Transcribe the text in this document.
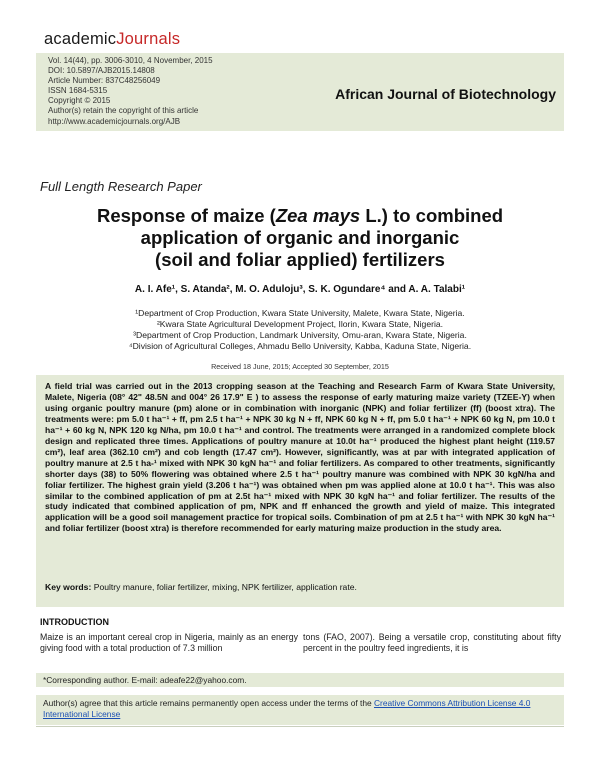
academicJournals
Vol. 14(44), pp. 3006-3010, 4 November, 2015
DOI: 10.5897/AJB2015.14808
Article Number: 837C48256049
ISSN 1684-5315
Copyright © 2015
Author(s) retain the copyright of this article
http://www.academicjournals.org/AJB
African Journal of Biotechnology
Full Length Research Paper
Response of maize (Zea mays L.) to combined
application of organic and inorganic
(soil and foliar applied) fertilizers
A. I. Afe¹, S. Atanda², M. O. Aduloju³, S. K. Ogundare⁴ and A. A. Talabi¹
¹Department of Crop Production, Kwara State University, Malete, Kwara State, Nigeria.
²Kwara State Agricultural Development Project, Ilorin, Kwara State, Nigeria.
³Department of Crop Production, Landmark University, Omu-aran, Kwara State, Nigeria.
⁴Division of Agricultural Colleges, Ahmadu Bello University, Kabba, Kaduna State, Nigeria.
Received 18 June, 2015; Accepted 30 September, 2015
A field trial was carried out in the 2013 cropping season at the Teaching and Research Farm of Kwara State University, Malete, Nigeria (08° 42" 48.5N and 004° 26 17.9" E ) to assess the response of early maturing maize variety (TZEE-Y) when using organic poultry manure (pm) alone or in combination with inorganic (NPK) and foliar fertilizer (ff) (boost xtra). The treatments were: pm 5.0 t ha⁻¹ + ff, pm 2.5 t ha⁻¹ + NPK 30 kg N + ff, NPK 60 kg N + ff, pm 5.0 t ha⁻¹ + NPK 60 kg N, pm 10.0 t ha⁻¹ + 60 kg N, NPK 120 kg N/ha, pm 10.0 t ha⁻¹ and control. The treatments were arranged in a randomized complete block design and replicated three times. Applications of poultry manure at 10.0t ha⁻¹ produced the highest plant height (119.57 cm²), leaf area (362.10 cm²) and cob length (17.47 cm²). However, significantly, was at par with integrated application of poultry manure at 2.5 t ha-¹ mixed with NPK 30 kgN ha⁻¹ and foliar fertilizers. As compared to other treatments, significantly shorter days (38) to 50% flowering was obtained where 2.5 t ha⁻¹ poultry manure was combined with NPK 30 kgN/ha and foliar fertilizer. The highest grain yield (3.206 t ha⁻¹) was obtained when pm was applied alone at 10.0 t ha⁻¹. This was also similar to the combined application of pm at 2.5t ha⁻¹ mixed with NPK 30 kgN ha⁻¹ and foliar fertilizer. The results of the study indicated that combined application of pm, NPK and ff enhanced the growth and yield of maize. This integrated application will be a good soil management practice for tropical soils. Combination of pm at 2.5 t ha⁻¹ with NPK 30 kgN ha⁻¹ and foliar fertilizer (boost xtra) is therefore recommended for early maturing maize production in the study area.
Key words: Poultry manure, foliar fertilizer, mixing, NPK fertilizer, application rate.
INTRODUCTION
Maize is an important cereal crop in Nigeria, mainly as an energy giving food with a total production of 7.3 million
tons (FAO, 2007). Being a versatile crop, constituting about fifty percent in the poultry feed ingredients, it is
*Corresponding author. E-mail: adeafe22@yahoo.com.
Author(s) agree that this article remains permanently open access under the terms of the Creative Commons Attribution License 4.0 International License
